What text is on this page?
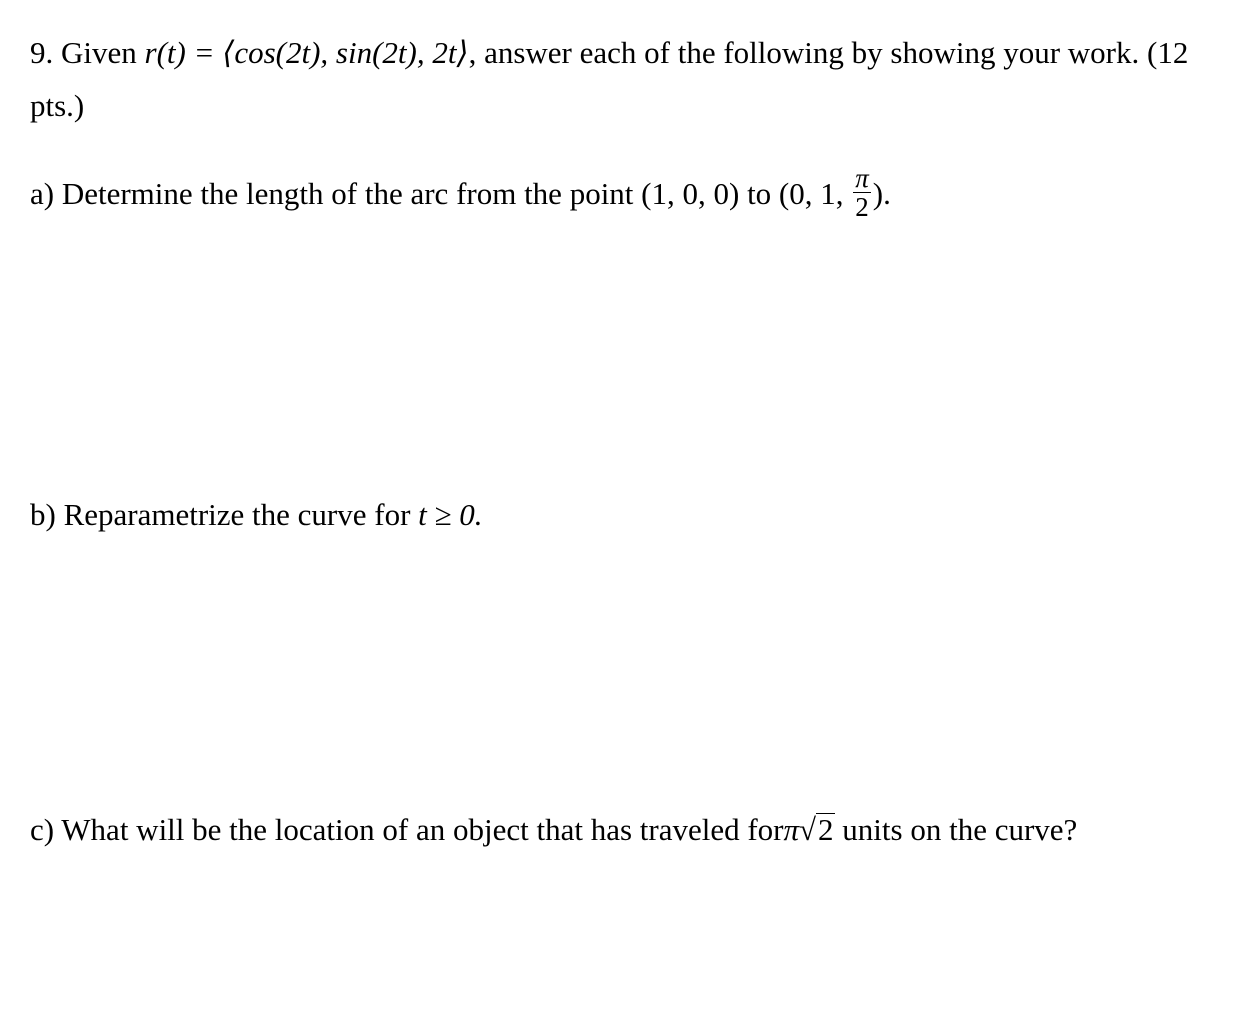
9. Given r(t) = ⟨cos(2t), sin(2t), 2t⟩, answer each of the following by showing your work. (12
pts.)
a) Determine the length of the arc from the point (1, 0, 0) to (0, 1, $\frac{\pi}{2}$ ).
b) Reparametrize the curve for t ≥ 0.
c) What will be the location of an object that has traveled forπ√2 units on the curve?
